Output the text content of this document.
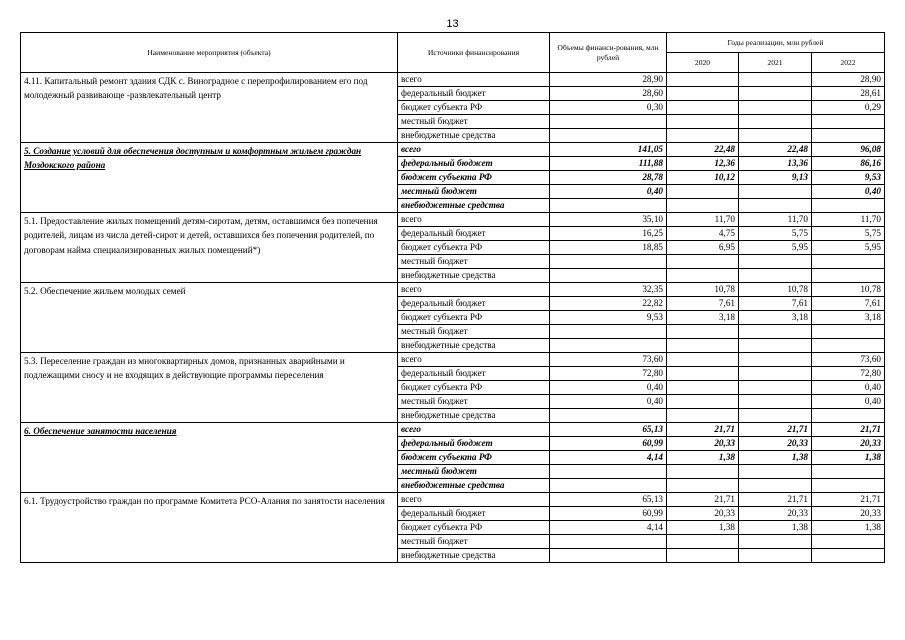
13
Наименование мероприятия (объекта)	Источники финансирования	Объемы финанси-рования, млн рублей	Годы реализации, млн рублей		
			2020	2021	2022
4.11. Капитальный ремонт здания СДК с. Виноградное с перепрофилированием его под молодежный развивающе -развлекательный центр	всего	28,90			28,90
	федеральный бюджет	28,60			28,61
	бюджет субъекта РФ	0,30			0,29
	местный бюджет				
	внебюджетные средства				
5. Создание условий для обеспечения доступным и комфортным жильем граждан Моздокского района	всего	141,05	22,48	22,48	96,08
	федеральный бюджет	111,88	12,36	13,36	86,16
	бюджет субъекта РФ	28,78	10,12	9,13	9,53
	местный бюджет	0,40			0,40
	внебюджетные средства				
5.1. Предоставление жилых помещений детям-сиротам, детям, оставшимся без попечения родителей, лицам из числа детей-сирот и детей, оставшихся без попечения родителей, по договорам найма специализированных жилых помещений*)	всего	35,10	11,70	11,70	11,70
	федеральный бюджет	16,25	4,75	5,75	5,75
	бюджет субъекта РФ	18,85	6,95	5,95	5,95
	местный бюджет				
	внебюджетные средства				
5.2. Обеспечение жильем молодых семей	всего	32,35	10,78	10,78	10,78
	федеральный бюджет	22,82	7,61	7,61	7,61
	бюджет субъекта РФ	9,53	3,18	3,18	3,18
	местный бюджет				
	внебюджетные средства				
5.3. Переселение граждан из многоквартирных домов, признанных аварийными и подлежащими сносу и не входящих в действующие программы переселения	всего	73,60			73,60
	федеральный бюджет	72,80			72,80
	бюджет субъекта РФ	0,40			0,40
	местный бюджет	0,40			0,40
	внебюджетные средства				
6. Обеспечение занятости населения	всего	65,13	21,71	21,71	21,71
	федеральный бюджет	60,99	20,33	20,33	20,33
	бюджет субъекта РФ	4,14	1,38	1,38	1,38
	местный бюджет				
	внебюджетные средства				
6.1. Трудоустройство граждан по программе Комитета РСО-Алания по занятости населения	всего	65,13	21,71	21,71	21,71
	федеральный бюджет	60,99	20,33	20,33	20,33
	бюджет субъекта РФ	4,14	1,38	1,38	1,38
	местный бюджет				
	внебюджетные средства				
